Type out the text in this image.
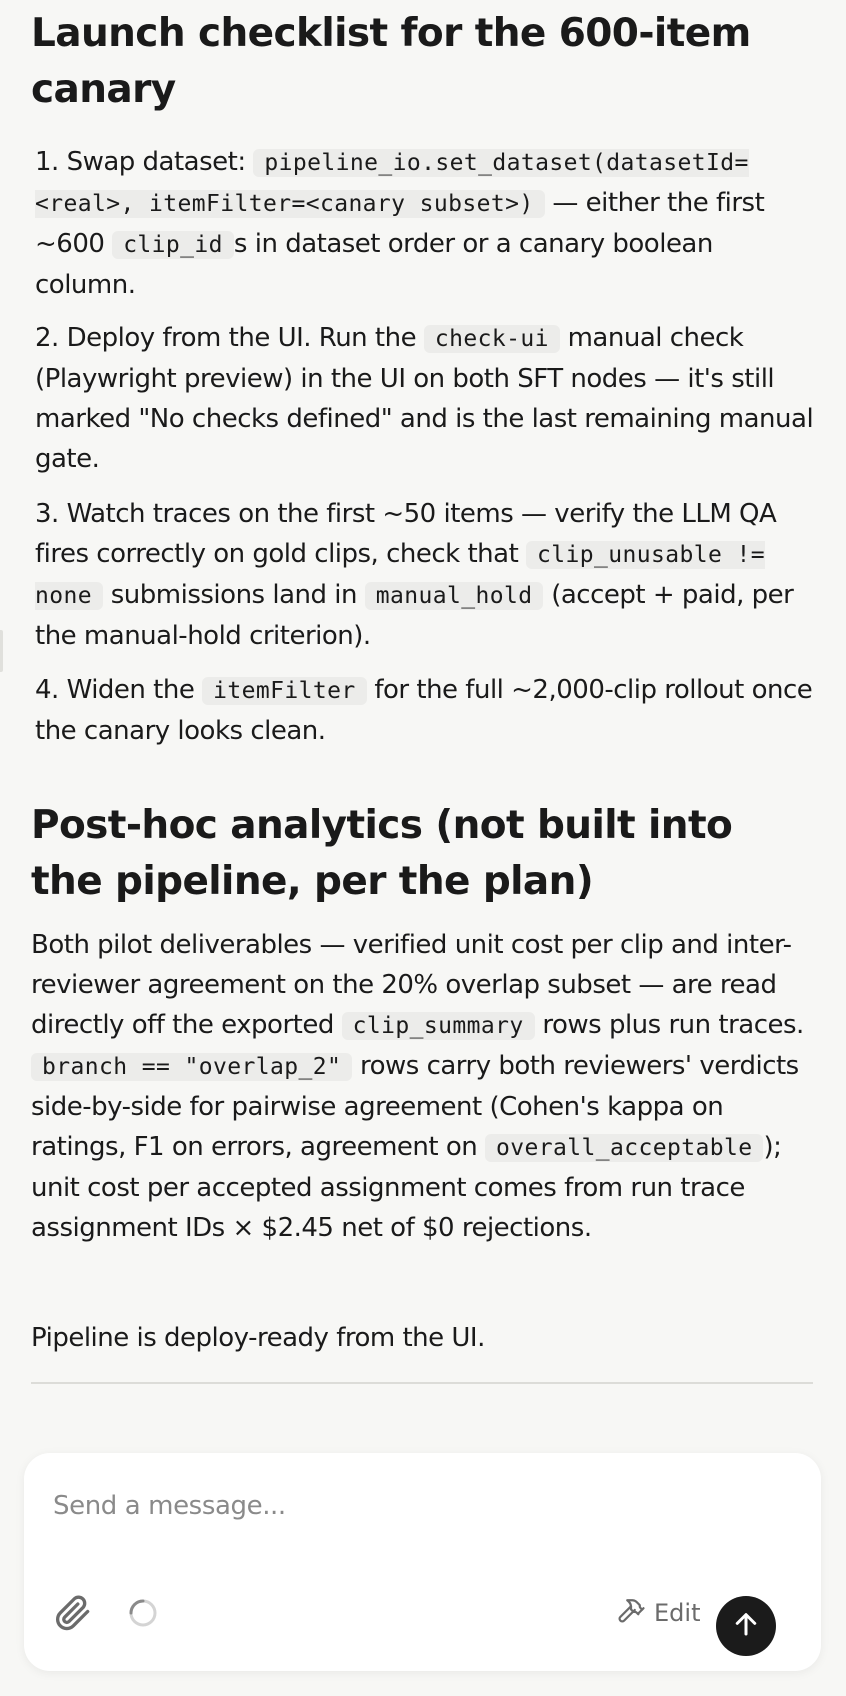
Launch checklist for the 600-item canary

1. Swap dataset: pipeline_io.set_dataset(datasetId=<real>, itemFilter=<canary subset>) — either the first ~600 clip_id s in dataset order or a canary boolean column.

2. Deploy from the UI. Run the check-ui manual check (Playwright preview) in the UI on both SFT nodes — it's still marked "No checks defined" and is the last remaining manual gate.

3. Watch traces on the first ~50 items — verify the LLM QA fires correctly on gold clips, check that clip_unusable != none submissions land in manual_hold (accept + paid, per the manual-hold criterion).

4. Widen the itemFilter for the full ~2,000-clip rollout once the canary looks clean.

Post-hoc analytics (not built into the pipeline, per the plan)

Both pilot deliverables — verified unit cost per clip and inter-reviewer agreement on the 20% overlap subset — are read directly off the exported clip_summary rows plus run traces. branch == "overlap_2" rows carry both reviewers' verdicts side-by-side for pairwise agreement (Cohen's kappa on ratings, F1 on errors, agreement on overall_acceptable ); unit cost per accepted assignment comes from run trace assignment IDs × $2.45 net of $0 rejections.

Pipeline is deploy-ready from the UI.

Send a message...
Edit
